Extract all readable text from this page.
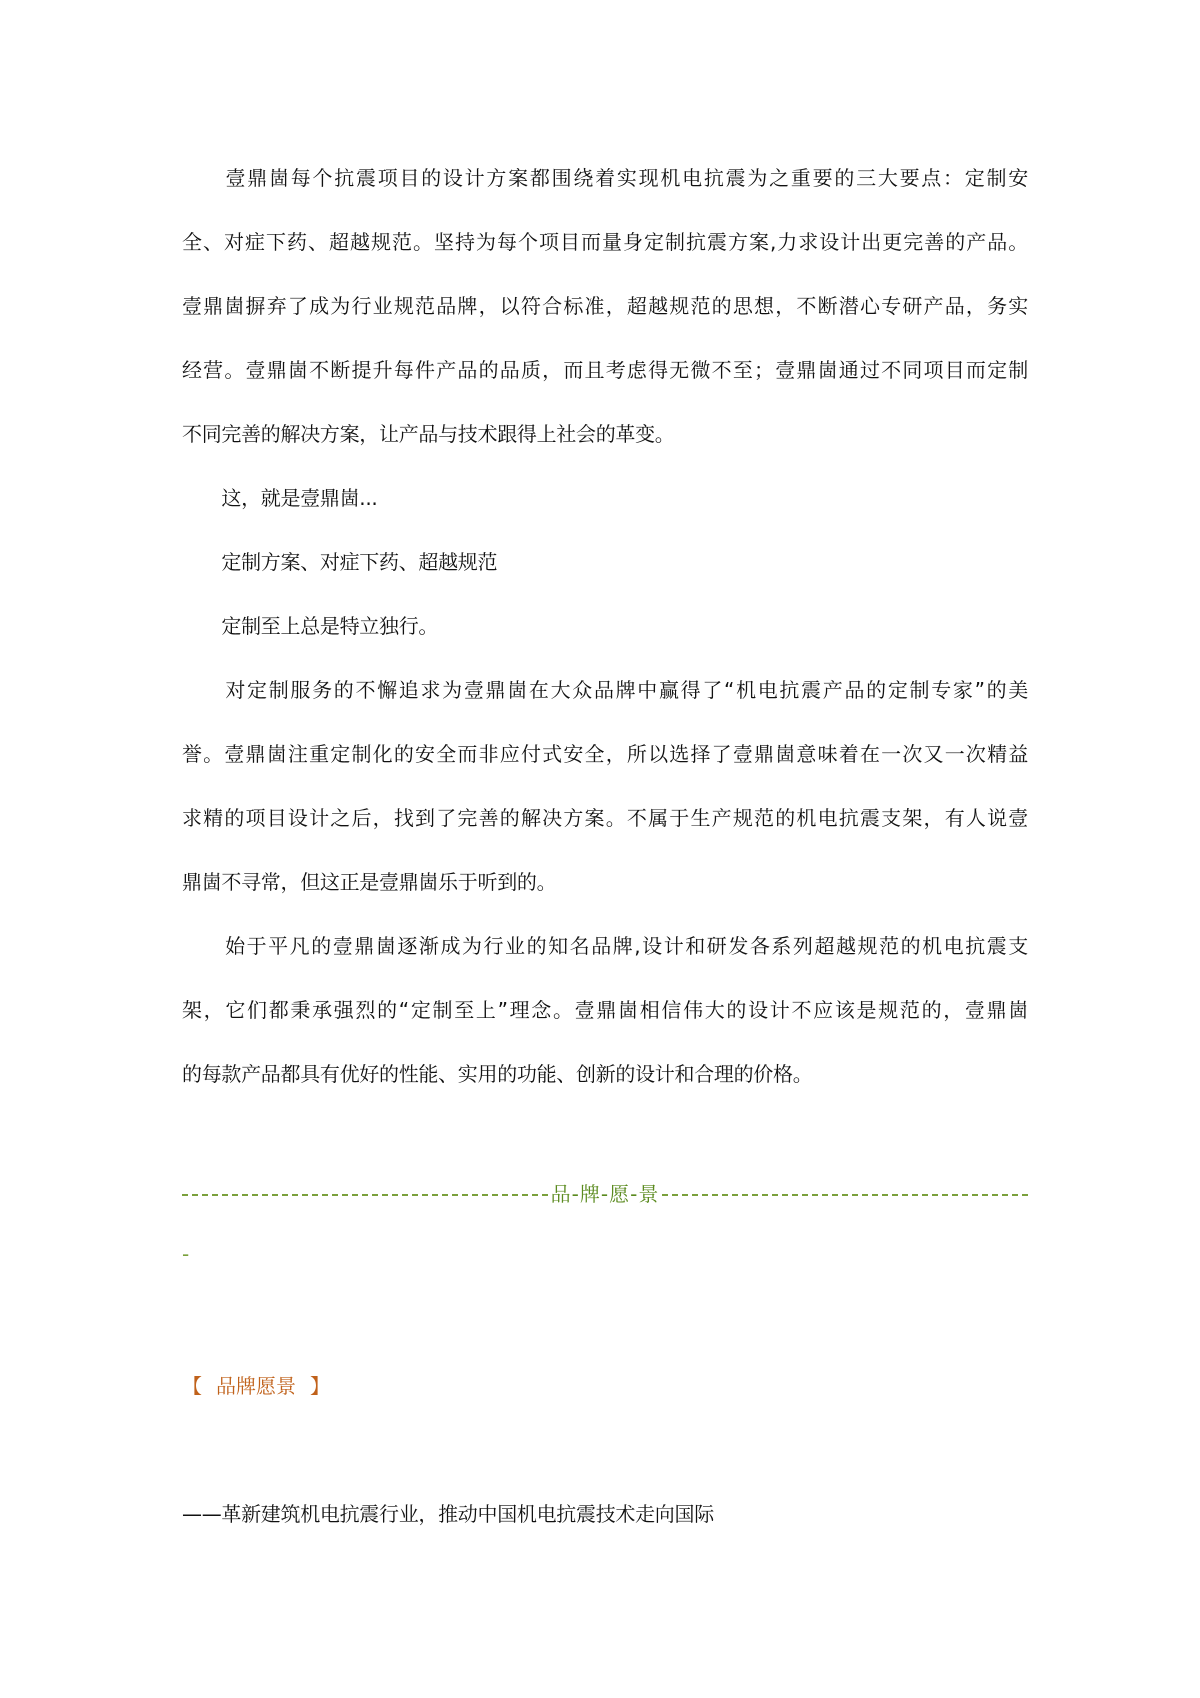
　　壹鼎崮每个抗震项目的设计方案都围绕着实现机电抗震为之重要的三大要点：定制安
全、对症下药、超越规范。坚持为每个项目而量身定制抗震方案,力求设计出更完善的产品。
壹鼎崮摒弃了成为行业规范品牌，以符合标准，超越规范的思想，不断潜心专研产品，务实
经营。壹鼎崮不断提升每件产品的品质，而且考虑得无微不至；壹鼎崮通过不同项目而定制
不同完善的解决方案，让产品与技术跟得上社会的革变。
　　这，就是壹鼎崮...
　　定制方案、对症下药、超越规范
　　定制至上总是特立独行。
　　对定制服务的不懈追求为壹鼎崮在大众品牌中赢得了“机电抗震产品的定制专家”的美
誉。壹鼎崮注重定制化的安全而非应付式安全，所以选择了壹鼎崮意味着在一次又一次精益
求精的项目设计之后，找到了完善的解决方案。不属于生产规范的机电抗震支架，有人说壹
鼎崮不寻常，但这正是壹鼎崮乐于听到的。
　　始于平凡的壹鼎崮逐渐成为行业的知名品牌,设计和研发各系列超越规范的机电抗震支
架，它们都秉承强烈的“定制至上”理念。壹鼎崮相信伟大的设计不应该是规范的，壹鼎崮
的每款产品都具有优好的性能、实用的功能、创新的设计和合理的价格。
品-牌-愿-景
-
【 品牌愿景 】
——革新建筑机电抗震行业，推动中国机电抗震技术走向国际
